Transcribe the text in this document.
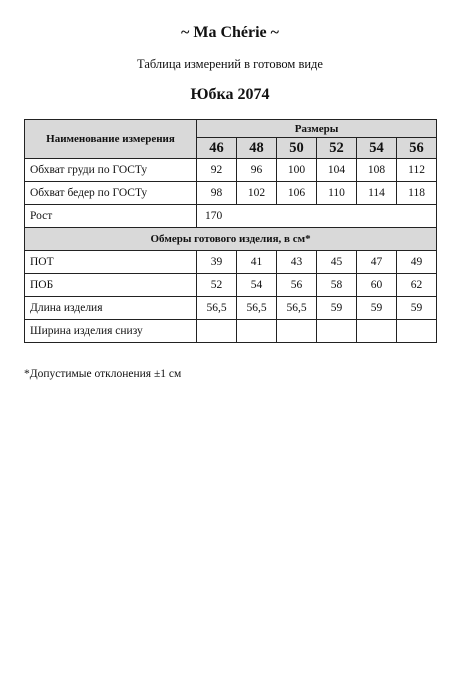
~ Ma Chérie ~
Таблица измерений в готовом виде
Юбка 2074
Наименование измерения	Размеры					
	46	48	50	52	54	56
Обхват груди по ГОСТу	92	96	100	104	108	112
Обхват бедер по ГОСТу	98	102	106	110	114	118
Рост	170					
Обмеры готового изделия, в см*						
ПОТ	39	41	43	45	47	49
ПОБ	52	54	56	58	60	62
Длина изделия	56,5	56,5	56,5	59	59	59
Ширина изделия снизу						
*Допустимые отклонения ±1 см
